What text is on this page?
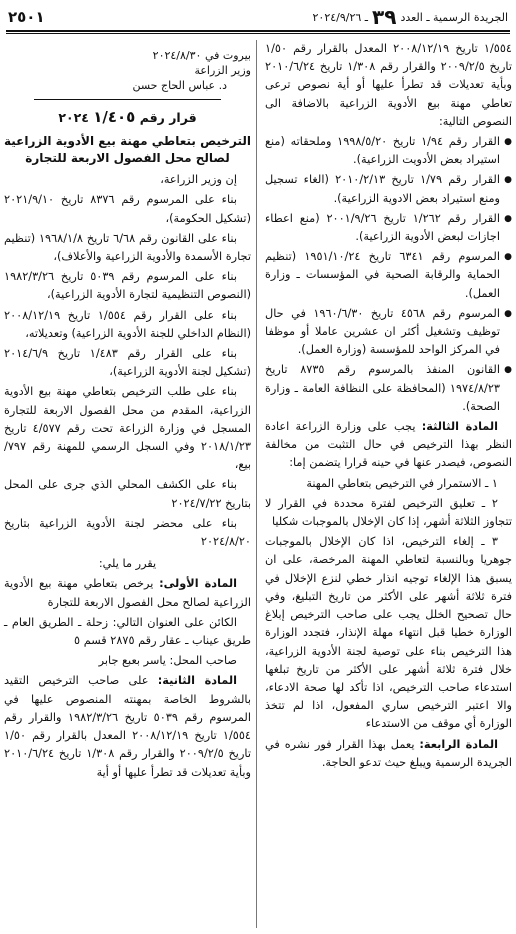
٢٥٠١	الجريدة الرسمية ـ العدد
٣٩
ـ ٢٠٢٤/٩/٢٦

١/٥٥٤ تاريخ ٢٠٠٨/١٢/١٩ المعدل بالقرار رقم ١/٥٠ تاريخ ٢٠٠٩/٢/٥ والقرار رقم ١/٣٠٨ تاريخ ٢٠١٠/٦/٢٤ وبأية تعديلات قد تطرأ عليها أو أية نصوص ترعى تعاطي مهنة بيع الأدوية الزراعية بالاضافة الى النصوص التالية:

● القرار رقم ١/٩٤ تاريخ ١٩٩٨/٥/٢٠ وملحقاته (منع استيراد بعض الأدويت الزراعية).
● القرار رقم ١/٧٩ تاريخ ٢٠١٠/٢/١٣ (الغاء تسجيل ومنع استيراد بعض الادوية الزراعية).
● القرار رقم ١/٢٦٢ تاريخ ٢٠٠١/٩/٢٦ (منع اعطاء اجازات لبعض الأدوية الزراعية).
● المرسوم رقم ٦٣٤١ تاريخ ١٩٥١/١٠/٢٤ (تنظيم الحماية والرقابة الصحية في المؤسسات ـ وزارة العمل).
● المرسوم رقم ٤٥٦٨ تاريخ ١٩٦٠/٦/٣٠ في حال توظيف وتشغيل أكثر ان عشرين عاملا أو موظفا في المركز الواحد للمؤسسة (وزارة العمل).
● القانون المنفذ بالمرسوم رقم ٨٧٣٥ تاريخ ١٩٧٤/٨/٢٣ (المحافظة على النظافة العامة ـ وزارة الصحة).

المادة الثالثة: يجب على وزارة الزراعة اعادة النظر بهذا الترخيص في حال التثبت من مخالفة النصوص، فيصدر عنها في حينه قرارا يتضمن إما:

١ ـ الاستمرار في الترخيص بتعاطي المهنة

٢ ـ تعليق الترخيص لفترة محددة في القرار لا تتجاوز الثلاثة أشهر، إذا كان الإخلال بالموجبات شكليا

٣ ـ إلغاء الترخيص، اذا كان الإخلال بالموجبات جوهريا وبالنسبة لتعاطي المهنة المرخصة، على ان يسبق هذا الإلغاء توجيه انذار خطي لنزع الإخلال في فترة ثلاثة أشهر على الأكثر من تاريخ التبليغ، وفي حال تصحيح الخلل يجب على صاحب الترخيص إبلاغ الوزارة خطيا قبل انتهاء مهلة الإنذار، فتجدد الوزارة هذا الترخيص بناء على توصية لجنة الأدوية الزراعية، خلال فترة ثلاثة أشهر على الأكثر من تاريخ تبلغها استدعاء صاحب الترخيص، اذا تأكد لها صحة الادعاء، والا اعتبر الترخيص ساري المفعول، اذا لم تتخذ الوزارة أي موقف من الاستدعاء

المادة الرابعة: يعمل بهذا القرار فور نشره في الجريدة الرسمية ويبلغ حيث تدعو الحاجة.

بيروت في ٢٠٢٤/٨/٣٠
وزير الزراعة
د. عباس الحاج حسن
قرار رقم ١/٤٠٥ ٢٠٢٤
الترخيص بتعاطي مهنة بيع الأدوية الزراعية لصالح محل الفصول الاربعة للتجارة

إن وزير الزراعة،

بناء على المرسوم رقم ٨٣٧٦ تاريخ ٢٠٢١/٩/١٠ (تشكيل الحكومة)،

بناء على القانون رقم ٦/٦٨ تاريخ ١٩٦٨/١/٨ (تنظيم تجارة الأسمدة والأدوية الزراعية والأعلاف)،

بناء على المرسوم رقم ٥٠٣٩ تاريخ ١٩٨٢/٣/٢٦ (النصوص التنظيمية لتجارة الأدوية الزراعية)،

بناء على القرار رقم ١/٥٥٤ تاريخ ٢٠٠٨/١٢/١٩ (النظام الداخلي للجنة الأدوية الزراعية) وتعديلاته،

بناء على القرار رقم ١/٤٨٣ تاريخ ٢٠١٤/٦/٩ (تشكيل لجنة الأدوية الزراعية)،

بناء على طلب الترخيص بتعاطي مهنة بيع الأدوية الزراعية، المقدم من محل الفصول الاربعة للتجارة المسجل في وزارة الزراعة تحت رقم ٤/٥٧٧ تاريخ ٢٠١٨/١/٢٣ وفي السجل الرسمي للمهنة رقم ٧٩٧/بيع،

بناء على الكشف المحلي الذي جرى على المحل بتاريخ ٢٠٢٤/٧/٢٢

بناء على محضر لجنة الأدوية الزراعية بتاريخ ٢٠٢٤/٨/٢٠

يقرر ما يلي:

المادة الأولى: يرخص بتعاطي مهنة بيع الأدوية الزراعية لصالح محل الفصول الاربعة للتجارة

الكائن على العنوان التالي: زحلة ـ الطريق العام ـ طريق عيناب ـ عقار رقم ٢٨٧٥ قسم ٥

صاحب المحل: ياسر بعبع جابر

المادة الثانية: على صاحب الترخيص التقيد بالشروط الخاصة بمهنته المنصوص عليها في المرسوم رقم ٥٠٣٩ تاريخ ١٩٨٢/٣/٢٦ والقرار رقم ١/٥٥٤ تاريخ ٢٠٠٨/١٢/١٩ المعدل بالقرار رقم ١/٥٠ تاريخ ٢٠٠٩/٢/٥ والقرار رقم ١/٣٠٨ تاريخ ٢٠١٠/٦/٢٤ وبأية تعديلات قد تطرأ عليها أو أية
